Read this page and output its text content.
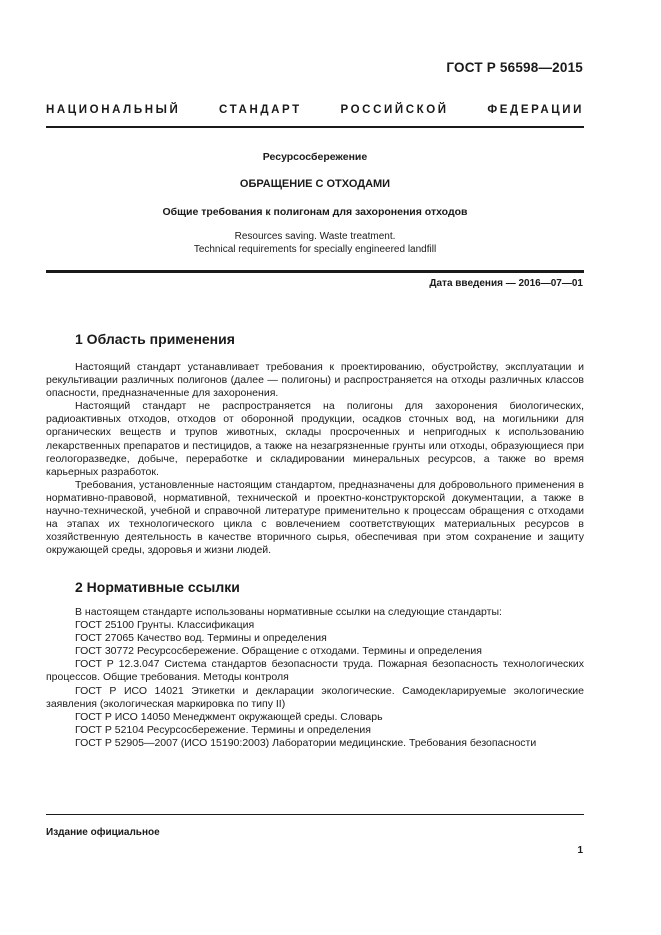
ГОСТ Р 56598—2015
НАЦИОНАЛЬНЫЙ СТАНДАРТ РОССИЙСКОЙ ФЕДЕРАЦИИ
Ресурсосбережение
ОБРАЩЕНИЕ С ОТХОДАМИ
Общие требования к полигонам для захоронения отходов
Resources saving. Waste treatment.
Technical requirements for specially engineered landfill
Дата введения — 2016—07—01
1 Область применения

Настоящий стандарт устанавливает требования к проектированию, обустройству, эксплуатации и рекультивации различных полигонов (далее — полигоны) и распространяется на отходы различных классов опасности, предназначенные для захоронения.

Настоящий стандарт не распространяется на полигоны для захоронения биологических, радиоактивных отходов, отходов от оборонной продукции, осадков сточных вод, на могильники для органических веществ и трупов животных, склады просроченных и непригодных к использованию лекарственных препаратов и пестицидов, а также на незагрязненные грунты или отходы, образующиеся при геологоразведке, добыче, переработке и складировании минеральных ресурсов, а также во время карьерных разработок.

Требования, установленные настоящим стандартом, предназначены для добровольного применения в нормативно-правовой, нормативной, технической и проектно-конструкторской документации, а также в научно-технической, учебной и справочной литературе применительно к процессам обращения с отходами на этапах их технологического цикла с вовлечением соответствующих материальных ресурсов в хозяйственную деятельность в качестве вторичного сырья, обеспечивая при этом сохранение и защиту окружающей среды, здоровья и жизни людей.

2 Нормативные ссылки

В настоящем стандарте использованы нормативные ссылки на следующие стандарты:

ГОСТ 25100 Грунты. Классификация

ГОСТ 27065 Качество вод. Термины и определения

ГОСТ 30772 Ресурсосбережение. Обращение с отходами. Термины и определения

ГОСТ Р 12.3.047 Система стандартов безопасности труда. Пожарная безопасность технологических процессов. Общие требования. Методы контроля

ГОСТ Р ИСО 14021 Этикетки и декларации экологические. Самодекларируемые экологические заявления (экологическая маркировка по типу II)

ГОСТ Р ИСО 14050 Менеджмент окружающей среды. Словарь

ГОСТ Р 52104 Ресурсосбережение. Термины и определения

ГОСТ Р 52905—2007 (ИСО 15190:2003) Лаборатории медицинские. Требования безопасности

Издание официальное
1
